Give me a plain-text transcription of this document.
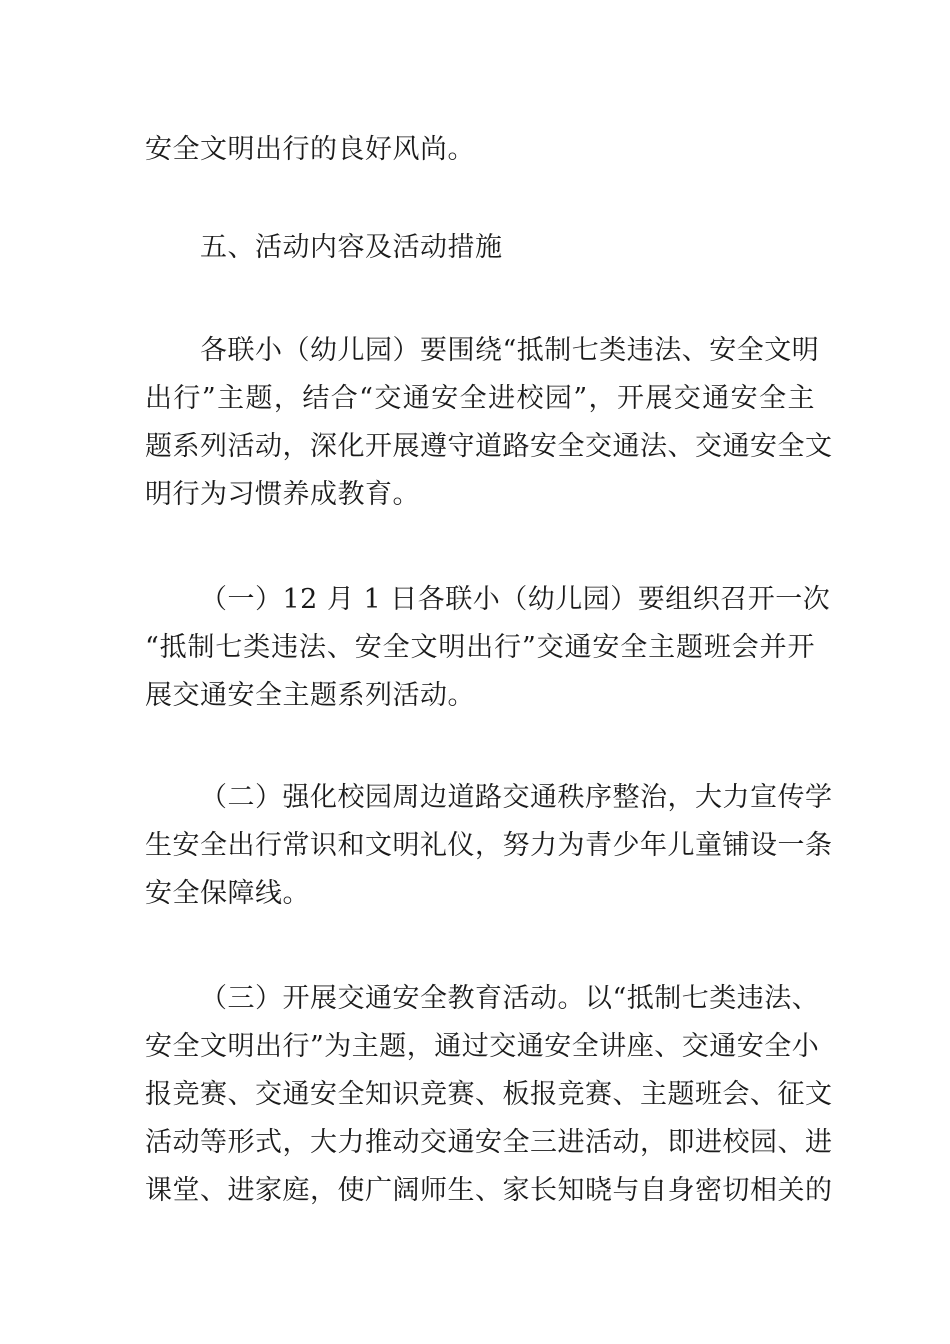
安全文明出行的良好风尚。
五、活动内容及活动措施
各联小（幼儿园）要围绕“抵制七类违法、安全文明
出行”主题，结合“交通安全进校园”，开展交通安全主
题系列活动，深化开展遵守道路安全交通法、交通安全文
明行为习惯养成教育。
（一）12 月 1 日各联小（幼儿园）要组织召开一次
“抵制七类违法、安全文明出行”交通安全主题班会并开
展交通安全主题系列活动。
（二）强化校园周边道路交通秩序整治，大力宣传学
生安全出行常识和文明礼仪，努力为青少年儿童铺设一条
安全保障线。
（三）开展交通安全教育活动。以“抵制七类违法、
安全文明出行”为主题，通过交通安全讲座、交通安全小
报竞赛、交通安全知识竞赛、板报竞赛、主题班会、征文
活动等形式，大力推动交通安全三进活动，即进校园、进
课堂、进家庭，使广阔师生、家长知晓与自身密切相关的
